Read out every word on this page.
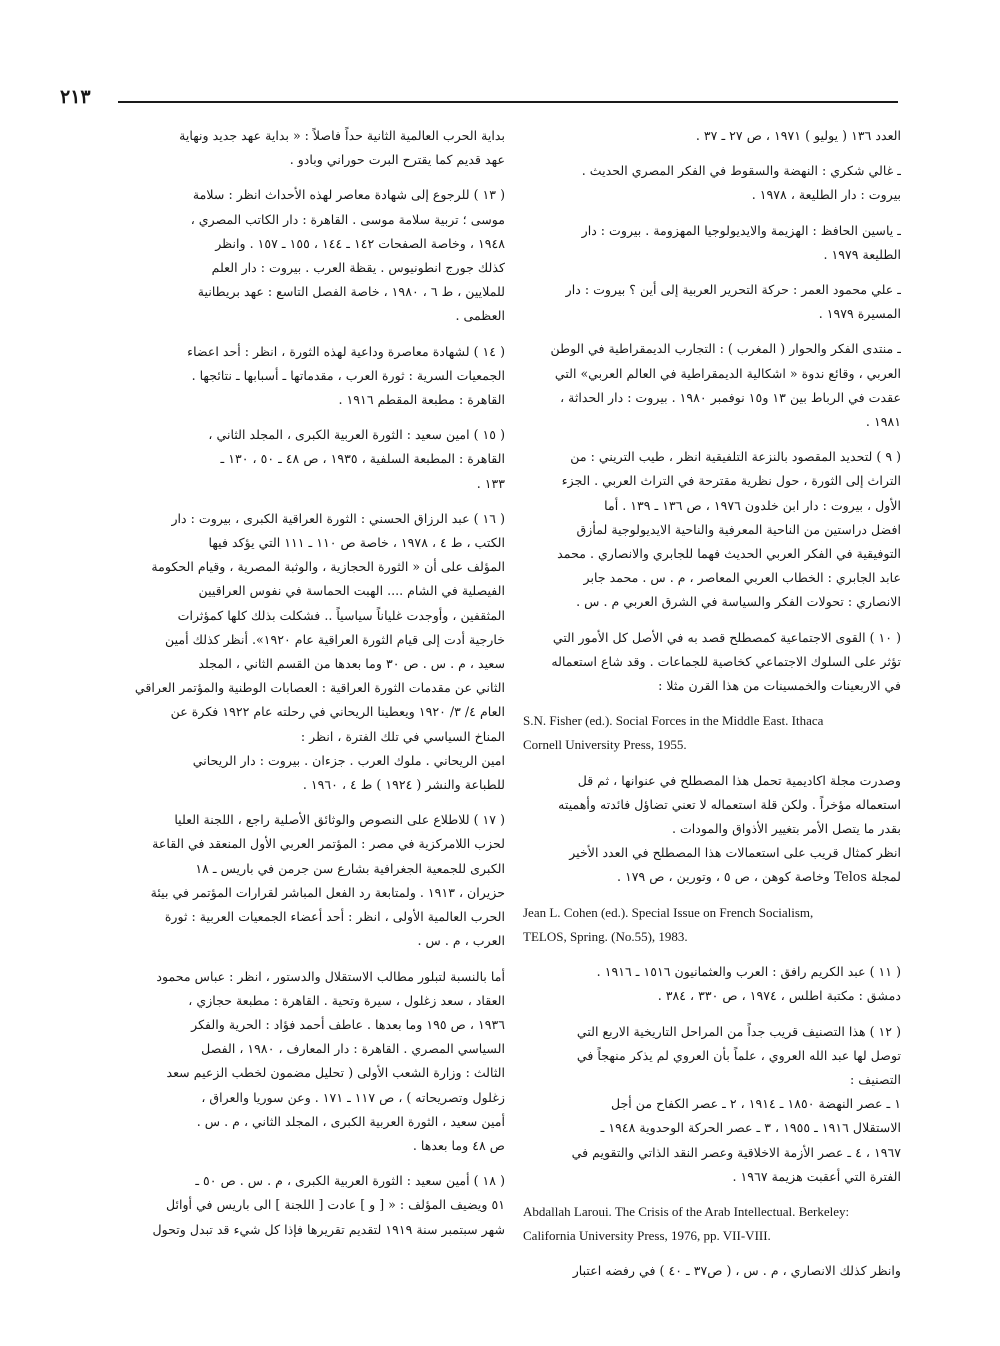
٢١٣
العدد ١٣٦ ( يوليو ) ١٩٧١ ، ص ٢٧ ـ ٣٧ .
ـ غالي شكري : النهضة والسقوط في الفكر المصري الحديث .
بيروت : دار الطليعة ، ١٩٧٨ .
ـ ياسين الحافظ : الهزيمة والايديولوجيا المهزومة . بيروت : دار
الطليعة ١٩٧٩ .
ـ علي محمود العمر : حركة التحرير العربية إلى أين ؟ بيروت : دار
المسيرة ١٩٧٩ .
ـ منتدى الفكر والحوار ( المغرب ) : التجارب الديمقراطية في الوطن
العربي ، وقائع ندوة « اشكالية الديمقراطية في العالم العربي» التي
عقدت في الرباط بين ١٣ و١٥ نوفمبر ١٩٨٠ . بيروت : دار الحداثة ،
١٩٨١ .
( ٩ ) لتحديد المقصود بالنزعة التلفيقية انظر ، طيب التريني : من
التراث إلى الثورة ، حول نظرية مقترحة في التراث العربي . الجزء
الأول ، بيروت : دار ابن خلدون ١٩٧٦ ، ص ١٣٦ ـ ١٣٩ . أما
افضل دراستين من الناحية المعرفية والناحية الايديولوجية لمأزق
التوفيقية في الفكر العربي الحديث فهما للجابري والانصاري . محمد
عابد الجابري : الخطاب العربي المعاصر ، م . س . محمد جابر
الانصاري : تحولات الفكر والسياسة في الشرق العربي م . س .
( ١٠ ) القوى الاجتماعية كمصطلح قصد به في الأصل كل الأمور التي
تؤثر على السلوك الاجتماعي كخاصية للجماعات . وقد شاع استعماله
في الاربعينات والخمسينات من هذا القرن مثلا :
S.N. Fisher (ed.). Social Forces in the Middle East. Ithaca
Cornell University Press, 1955.
وصدرت مجلة اكاديمية تحمل هذا المصطلح في عنوانها ، ثم قل
استعماله مؤخراً . ولكن قلة استعماله لا تعني تضاؤل فائدته وأهميته
بقدر ما يتصل الأمر بتغيير الأذواق والمودات .
انظر كمثال قريب على استعمالات هذا المصطلح في العدد الأخير
لمجلة Telos وخاصة كوهن ، ص ٥ ، وتورين ، ص ١٧٩ .
Jean L. Cohen (ed.). Special Issue on French Socialism,
TELOS, Spring. (No.55), 1983.
( ١١ ) عبد الكريم رافق : العرب والعثمانيون ١٥١٦ ـ ١٩١٦ .
دمشق : مكتبة اطلس ، ١٩٧٤ ، ص ٣٣٠ ، ٣٨٤ .
( ١٢ ) هذا التصنيف قريب جداً من المراحل التاريخية الاربع التي
توصل لها عبد الله العروي ، علماً بأن العروي لم يذكر منهجاً في
التصنيف :
١ ـ عصر النهضة ١٨٥٠ ـ ١٩١٤ ، ٢ ـ عصر الكفاح من أجل
الاستقلال ١٩١٦ ـ ١٩٥٥ ، ٣ ـ عصر الحركة الوحدوية ١٩٤٨ ـ
١٩٦٧ ، ٤ ـ عصر الأزمة الاخلاقية وعصر النقد الذاتي والتقويم في
الفترة التي أعقبت هزيمة ١٩٦٧ .
Abdallah Laroui. The Crisis of the Arab Intellectual. Berkeley:
California University Press, 1976, pp. VII-VIII.
وانظر كذلك الانصاري ، م . س ، ( ص٣٧ ـ ٤٠ ) في رفضه اعتبار
بداية الحرب العالمية الثانية حداً فاصلاً : « بداية عهد جديد ونهاية
عهد قديم كما يقترح البرت حوراني وبادو .
( ١٣ ) للرجوع إلى شهادة معاصر لهذه الأحداث انظر : سلامة
موسى ؛ تربية سلامة موسى . القاهرة : دار الكاتب المصري ،
١٩٤٨ ، وخاصة الصفحات ١٤٢ ـ ١٤٤ ، ١٥٥ ـ ١٥٧ . وانظر
كذلك جورج انطونيوس . يقظة العرب . بيروت : دار العلم
للملايين ، ط ٦ ، ١٩٨٠ ، خاصة الفصل التاسع : عهد بريطانية
العظمى .
( ١٤ ) لشهادة معاصرة وداعية لهذه الثورة ، انظر : أحد اعضاء
الجمعيات السرية : ثورة العرب ، مقدماتها ـ أسبابها ـ نتائجها .
القاهرة : مطبعة المقطم ١٩١٦ .
( ١٥ ) امين سعيد : الثورة العربية الكبرى ، المجلد الثاني ،
القاهرة : المطبعة السلفية ، ١٩٣٥ ، ص ٤٨ ـ ٥٠ ، ١٣٠ ـ
١٣٣ .
( ١٦ ) عبد الرزاق الحسني : الثورة العراقية الكبرى ، بيروت : دار
الكتب ، ط ٤ ، ١٩٧٨ ، خاصة ص ١١٠ ـ ١١١ التي يؤكد فيها
المؤلف على أن « الثورة الحجازية ، والوثبة المصرية ، وقيام الحكومة
الفيصلية في الشام .... الهبت الحماسة في نفوس العراقيين
المثقفين ، وأوجدت غلياناً سياسياً .. فشكلت بذلك كلها كمؤثرات
خارجية أدت إلى قيام الثورة العراقية عام ١٩٢٠». أنظر كذلك أمين
سعيد ، م . س . ص ٣٠ وما بعدها من القسم الثاني ، المجلد
الثاني عن مقدمات الثورة العراقية : العصابات الوطنية والمؤتمر العراقي
العام ٤/ ٣/ ١٩٢٠ ويعطينا الريحاني في رحلته عام ١٩٢٢ فكرة عن
المناخ السياسي في تلك الفترة ، انظر :
امين الريحاني . ملوك العرب . جزءان . بيروت : دار الريحاني
للطباعة والنشر ( ١٩٢٤ ) ط ٤ ، ١٩٦٠ .
( ١٧ ) للاطلاع على النصوص والوثائق الأصلية راجع ، اللجنة العليا
لحزب اللامركزية في مصر : المؤتمر العربي الأول المنعقد في القاعة
الكبرى للجمعية الجغرافية بشارع سن جرمن في باريس ـ ١٨
حزيران ، ١٩١٣ . ولمتابعة رد الفعل المباشر لقرارات المؤتمر في بيئة
الحرب العالمية الأولى ، انظر : أحد أعضاء الجمعيات العربية : ثورة
العرب ، م . س .
أما بالنسبة لتبلور مطالب الاستقلال والدستور ، انظر : عباس محمود
العقاد ، سعد زغلول ، سيرة وتحية . القاهرة : مطبعة حجازي ،
١٩٣٦ ، ص ١٩٥ وما بعدها . عاطف أحمد فؤاد : الحرية والفكر
السياسي المصري . القاهرة : دار المعارف ، ١٩٨٠ ، الفصل
الثالث : وزارة الشعب الأولى ( تحليل مضمون لخطب الزعيم سعد
زغلول وتصريحاته ) ، ص ١١٧ ـ ١٧١ . وعن سوريا والعراق ،
أمين سعيد ، الثورة العربية الكبرى ، المجلد الثاني ، م . س .
ص ٤٨ وما بعدها .
( ١٨ ) أمين سعيد : الثورة العربية الكبرى ، م . س . ص ٥٠ ـ
٥١ ويضيف المؤلف : « [ و ] عادت [ اللجنة ] الى باريس في أوائل
شهر سبتمبر سنة ١٩١٩ لتقديم تقريرها فإذا كل شيء قد تبدل وتحول
